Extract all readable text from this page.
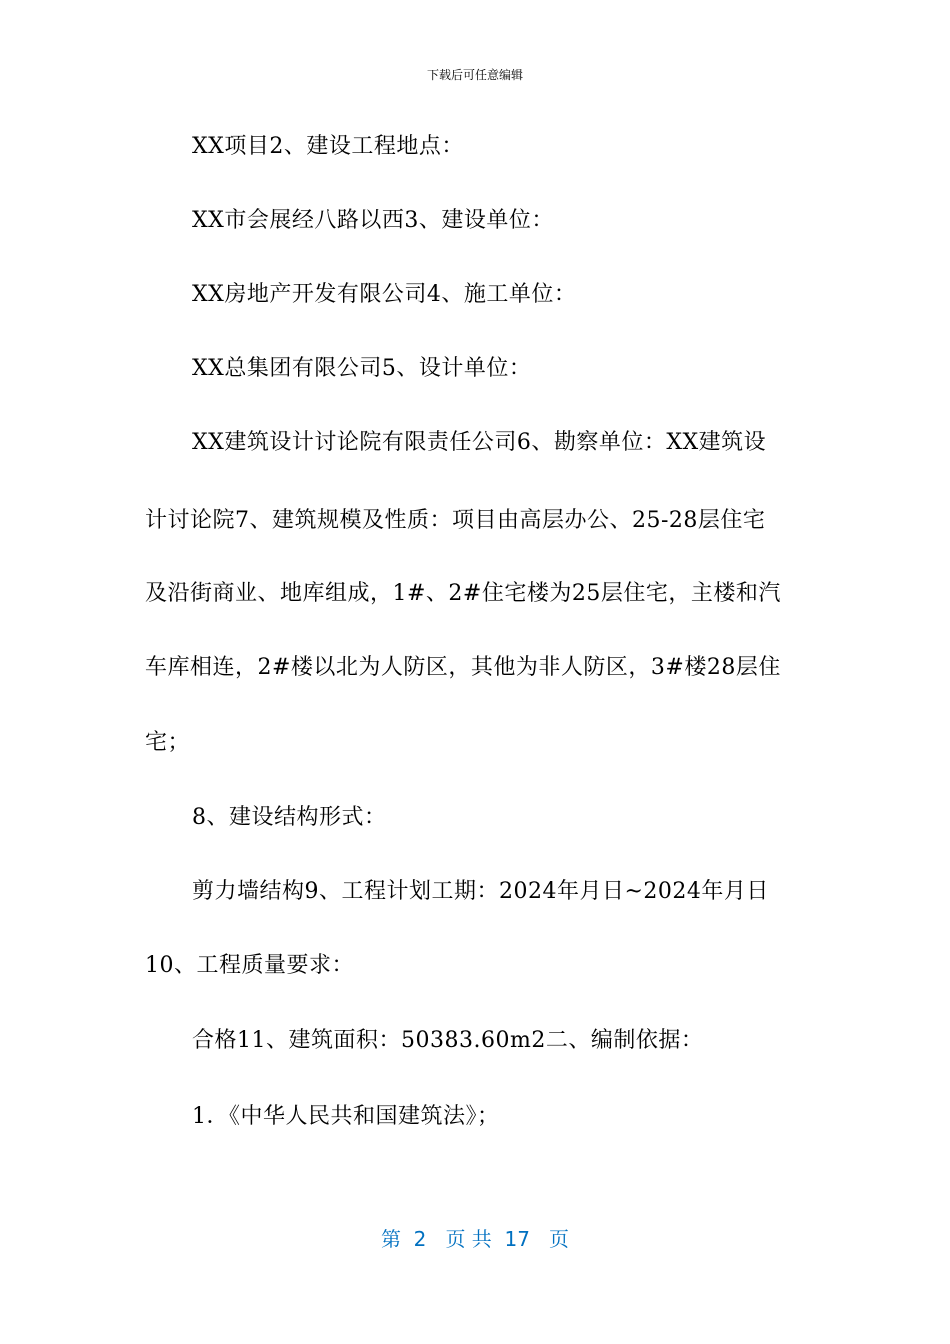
下载后可任意编辑
XX项目2、建设工程地点：
XX市会展经八路以西3、建设单位：
XX房地产开发有限公司4、施工单位：
XX总集团有限公司5、设计单位：
XX建筑设计讨论院有限责任公司6、勘察单位：XX建筑设
计讨论院7、建筑规模及性质：项目由高层办公、25-28层住宅
及沿街商业、地库组成，1#、2#住宅楼为25层住宅，主楼和汽
车库相连，2#楼以北为人防区，其他为非人防区，3#楼28层住
宅；
8、建设结构形式：
剪力墙结构9、工程计划工期：2024年月日~2024年月日
10、工程质量要求：
合格11、建筑面积：50383.60m2二、编制依据：
1．《中华人民共和国建筑法》；
第  2   页 共  17   页
